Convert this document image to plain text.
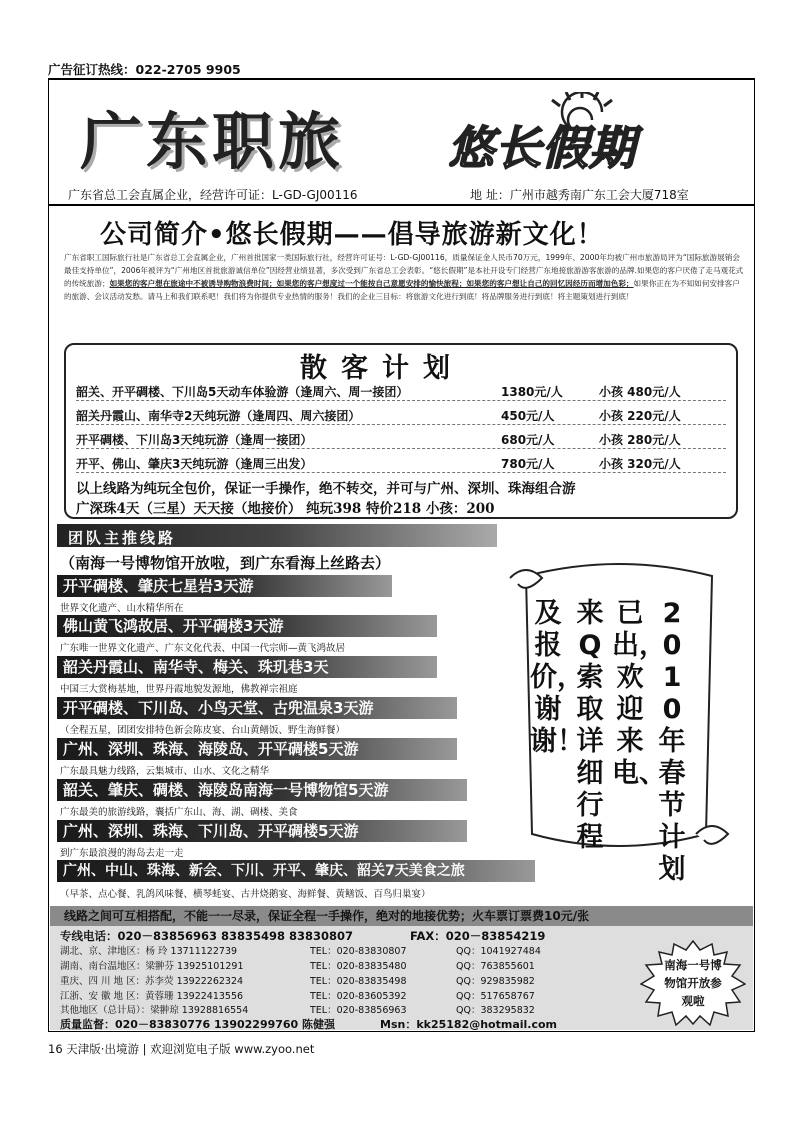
广告征订热线：022-2705 9905
广东职旅 悠长假期
广东省总工会直属企业，经营许可证：L-GD-GJ00116	地 址：广州市越秀南广东工会大厦718室
公司简介•悠长假期——倡导旅游新文化！
广东省职工国际旅行社是广东省总工会直属企业，广州首批国家一类国际旅行社，经营许可证号：L-GD-GJ00116，质量保证金人民币70万元，1999年、2000年均被广州市旅游局评为“国际旅游展销会最佳支持单位”，2006年被评为“广州地区首批旅游诚信单位”因经营业绩显著，多次受到广东省总工会表彰。“悠长假期”是本社开设专门经营广东地接旅游游客旅游的品牌.如果您的客户厌倦了走马观花式的传统旅游；如果您的客户想在旅途中不被诱导购物浪费时间；如果您的客户想度过一个能按自己意愿安排的愉快旅程；如果您的客户想让自己的回忆因经历而增加色彩；如果你正在为不知如何安排客户的旅游、会议活动发愁。请马上和我们联系吧！我们将为你提供专业热情的服务！我们的企业三目标：将旅游文化进行到底！将品牌服务进行到底！将主题策划进行到底！
散客计划
韶关、开平碉楼、下川岛5天动车体验游（逢周六、周一接团）	1380元/人	小孩 480元/人
韶关丹霞山、南华寺2天纯玩游（逢周四、周六接团）	450元/人	小孩 220元/人
开平碉楼、下川岛3天纯玩游（逢周一接团）	680元/人	小孩 280元/人
开平、佛山、肇庆3天纯玩游（逢周三出发）	780元/人	小孩 320元/人
以上线路为纯玩全包价，保证一手操作，绝不转交，并可与广州、深圳、珠海组合游
广深珠4天（三星）天天接（地接价） 纯玩398 特价218 小孩：200
团队主推线路
（南海一号博物馆开放啦，到广东看海上丝路去）
开平碉楼、肇庆七星岩3天游
世界文化遗产、山水精华所在
佛山黄飞鸿故居、开平碉楼3天游
广东唯一世界文化遗产、广东文化代表、中国一代宗师—黄飞鸿故居
韶关丹霞山、南华寺、梅关、珠玑巷3天
中国三大赏梅基地，世界丹霞地貌发源地，佛教禅宗祖庭
开平碉楼、下川岛、小鸟天堂、古兜温泉3天游
（全程五星，团团安排特色新会陈皮宴、台山黄鳝饭、野生海鲜餐）
广州、深圳、珠海、海陵岛、开平碉楼5天游
广东最具魅力线路，云集城市、山水、文化之精华
韶关、肇庆、碉楼、海陵岛南海一号博物馆5天游
广东最美的旅游线路，囊括广东山、海、湖、碉楼、美食
广州、深圳、珠海、下川岛、开平碉楼5天游
到广东最浪漫的海岛去走一走
广州、中山、珠海、新会、下川、开平、肇庆、韶关7天美食之旅
（早茶、点心餐、乳鸽风味餐、横琴蚝宴、古井烧鹅宴、海鲜餐、黄鳝饭、百鸟归巢宴）
2010年春节计划
已出，欢迎来电、
来Q索取详细行程
及报价，谢谢！
线路之间可互相搭配，不能一一尽录，保证全程一手操作，绝对的地接优势；火车票订票费10元/张
专线电话：020－83856963 83835498 83830807	FAX：020－83854219
湖北、京、津地区：杨 玲 13711122739	TEL：020-83830807	QQ：1041927484
湖南、南台温地区：梁翀芬 13925101291	TEL：020-83835480	QQ：763855601
重庆、四 川 地 区：苏李荧 13922262324	TEL：020-83835498	QQ：929835982
江浙、安 徽 地 区：黄蓉珊 13922413556	TEL：020-83605392	QQ：517658767
其他地区（总计局）：梁翀琼 13928816554	TEL：020-83856963	QQ：383295832
质量监督：020－83830776 13902299760 陈健强	Msn：kk25182@hotmail.com
南海一号博物馆开放参观啦
16 天津版·出境游 | 欢迎浏览电子版 www.zyoo.net
